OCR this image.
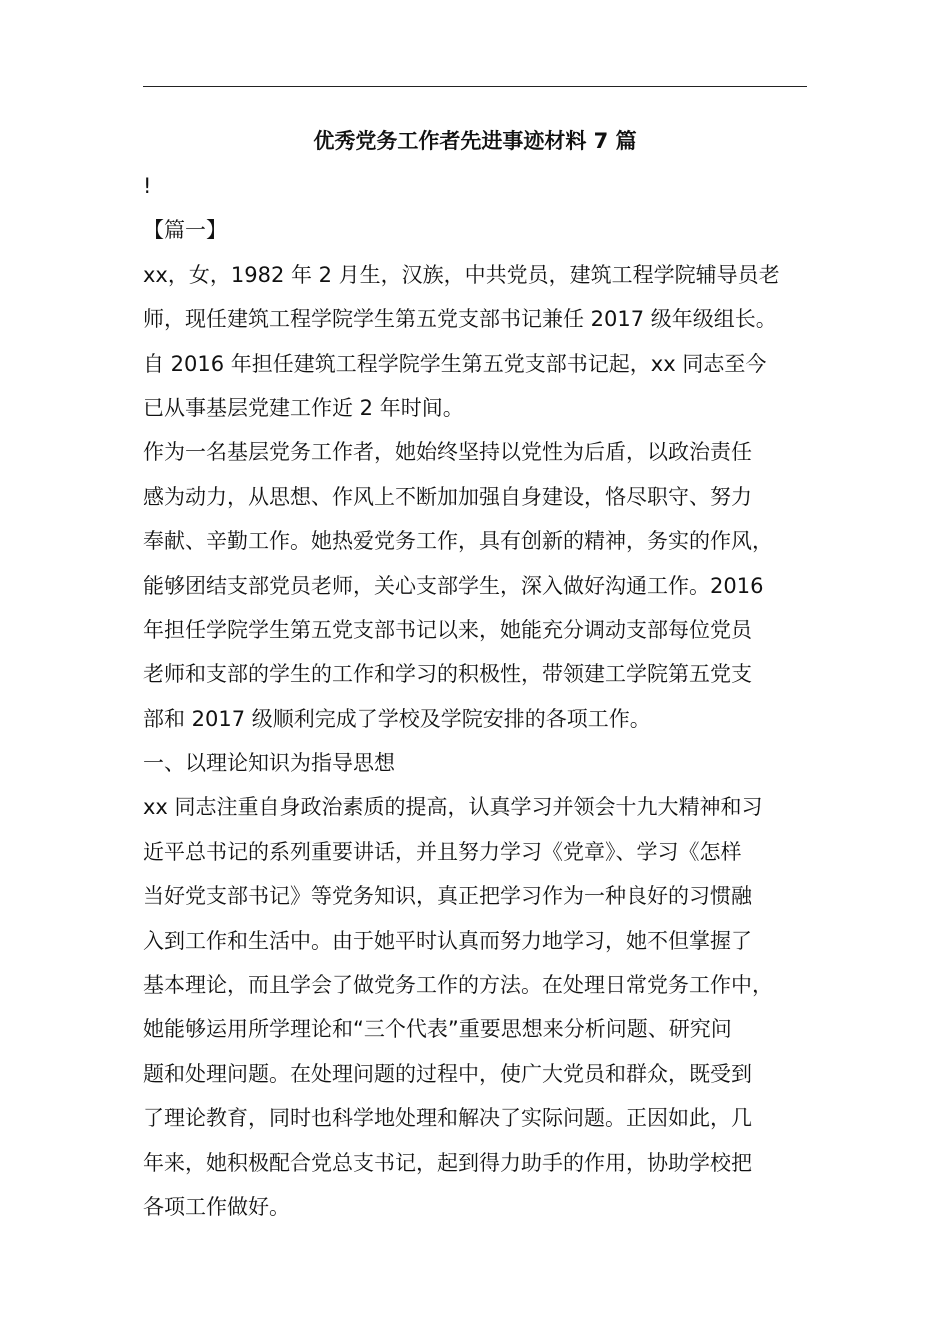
优秀党务工作者先进事迹材料 7 篇
!
【篇一】
xx，女，1982 年 2 月生，汉族，中共党员，建筑工程学院辅导员老
师，现任建筑工程学院学生第五党支部书记兼任 2017 级年级组长。
自 2016 年担任建筑工程学院学生第五党支部书记起，xx 同志至今
已从事基层党建工作近 2 年时间。
作为一名基层党务工作者，她始终坚持以党性为后盾，以政治责任
感为动力，从思想、作风上不断加加强自身建设，恪尽职守、努力
奉献、辛勤工作。她热爱党务工作，具有创新的精神，务实的作风，
能够团结支部党员老师，关心支部学生，深入做好沟通工作。2016
年担任学院学生第五党支部书记以来，她能充分调动支部每位党员
老师和支部的学生的工作和学习的积极性，带领建工学院第五党支
部和 2017 级顺利完成了学校及学院安排的各项工作。
一、以理论知识为指导思想
xx 同志注重自身政治素质的提高，认真学习并领会十九大精神和习
近平总书记的系列重要讲话，并且努力学习《党章》、学习《怎样
当好党支部书记》等党务知识，真正把学习作为一种良好的习惯融
入到工作和生活中。由于她平时认真而努力地学习，她不但掌握了
基本理论，而且学会了做党务工作的方法。在处理日常党务工作中，
她能够运用所学理论和“三个代表”重要思想来分析问题、研究问
题和处理问题。在处理问题的过程中，使广大党员和群众，既受到
了理论教育，同时也科学地处理和解决了实际问题。正因如此，几
年来，她积极配合党总支书记，起到得力助手的作用，协助学校把
各项工作做好。
